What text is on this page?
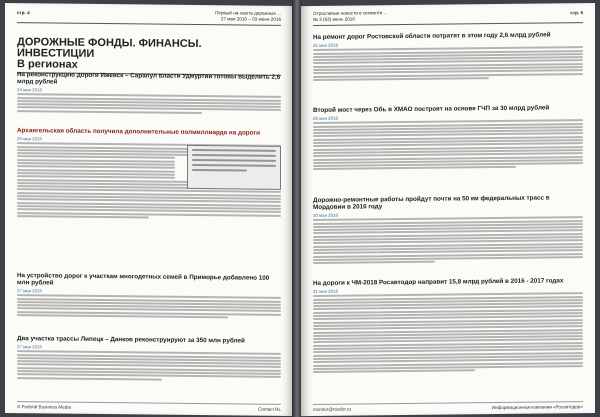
стр. 4	Первый на-газета дорожные ...
27 мая 2016 – 03 июня 2016
ДОРОЖНЫЕ ФОНДЫ. ФИНАНСЫ. ИНВЕСТИЦИИ
В регионах
На реконструкцию дороги Ижевск – Сарапул власти Удмуртии готовы выделить 2,6 млрд рублей
24 мая 2016
Архангельская область получила дополнительные полмиллиарда на дороги
26 мая 2016
На устройство дорог к участкам многодетных семей в Приморье добавлено 100 млн рублей
27 мая 2016
Два участка трассы Липецк – Данков реконструируют за 350 млн рублей
27 мая 2016
© Federal Business Media	Contact RL
Отраслевые новости в сегменте ...
№ 3 (63) июнь 2016
стр. 5
На ремонт дорог Ростовской области потратят в этом году 2,6 млрд рублей
25 мая 2016
Второй мост через Обь в ХМАО построят на основе ГЧП за 30 млрд рублей
26 мая 2016
Дорожно-ремонтные работы пройдут почти на 50 км федеральных трасс в Мордовии в 2016 году
30 мая 2016
На дороги к ЧМ-2018 Росавтодор направит 15,8 млрд рублей в 2016 - 2017 годах
31 мая 2016
monitor@rosdor.ru	Информационная компания «Росавтодор»
